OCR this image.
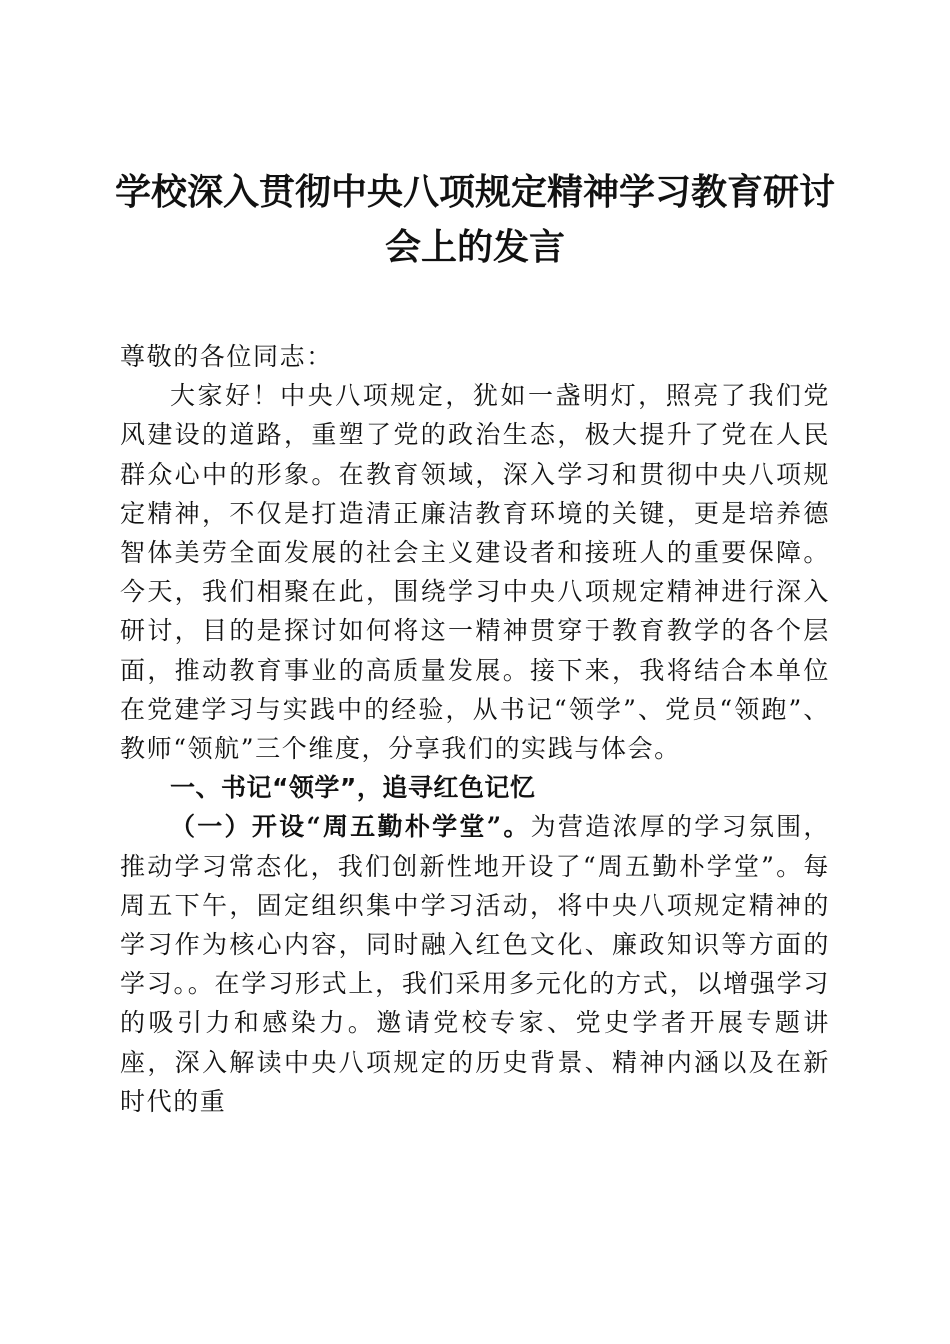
学校深入贯彻中央八项规定精神学习教育研讨
会上的发言

尊敬的各位同志：

大家好！中央八项规定，犹如一盏明灯，照亮了我们党风建设的道路，重塑了党的政治生态，极大提升了党在人民群众心中的形象。在教育领域，深入学习和贯彻中央八项规定精神，不仅是打造清正廉洁教育环境的关键，更是培养德智体美劳全面发展的社会主义建设者和接班人的重要保障。今天，我们相聚在此，围绕学习中央八项规定精神进行深入研讨，目的是探讨如何将这一精神贯穿于教育教学的各个层面，推动教育事业的高质量发展。接下来，我将结合本单位在党建学习与实践中的经验，从书记“领学”、党员“领跑”、教师“领航”三个维度，分享我们的实践与体会。

一、书记“领学”，追寻红色记忆

（一）开设“周五勤朴学堂”。为营造浓厚的学习氛围，推动学习常态化，我们创新性地开设了“周五勤朴学堂”。每周五下午，固定组织集中学习活动，将中央八项规定精神的学习作为核心内容，同时融入红色文化、廉政知识等方面的学习。。在学习形式上，我们采用多元化的方式，以增强学习的吸引力和感染力。邀请党校专家、党史学者开展专题讲座，深入解读中央八项规定的历史背景、精神内涵以及在新时代的重
